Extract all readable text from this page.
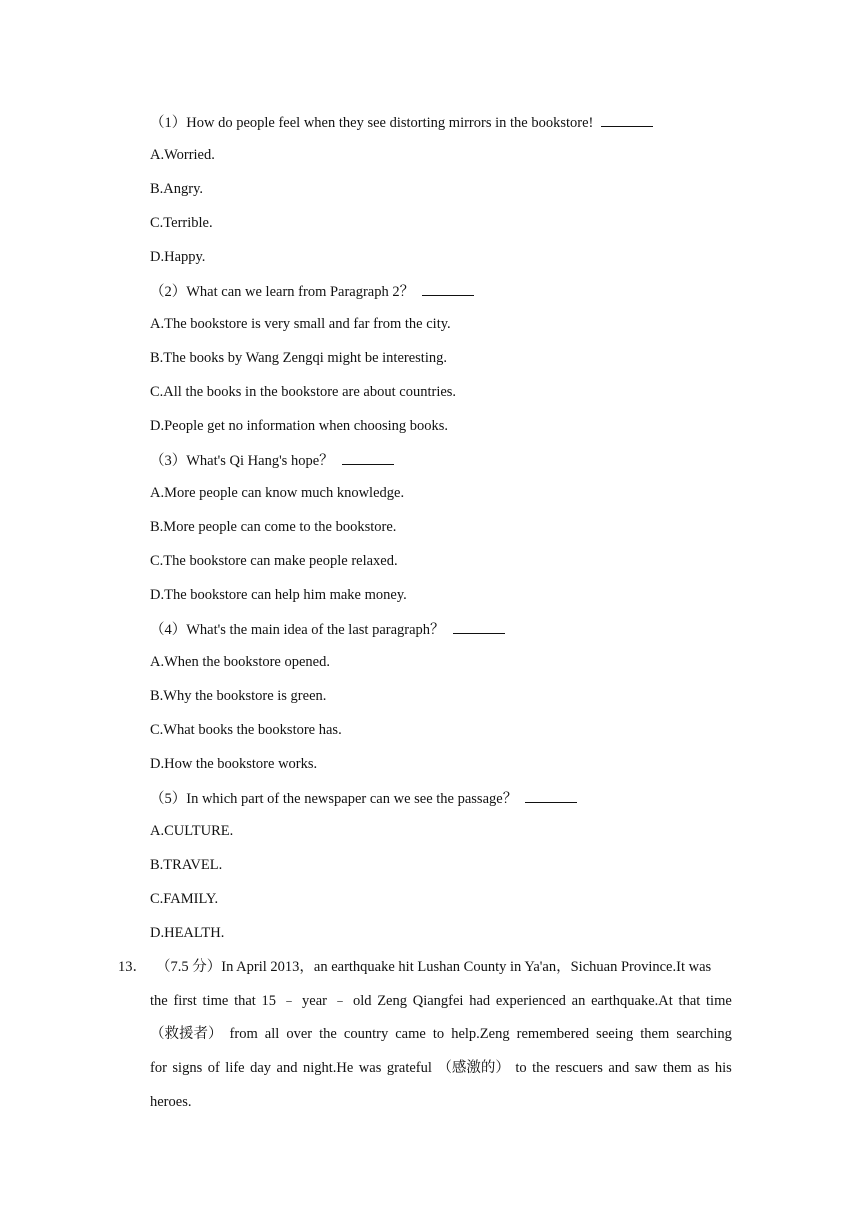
（1）How do people feel when they see distorting mirrors in the bookstore!
A.Worried.
B.Angry.
C.Terrible.
D.Happy.
（2）What can we learn from Paragraph 2？
A.The bookstore is very small and far from the city.
B.The books by Wang Zengqi might be interesting.
C.All the books in the bookstore are about countries.
D.People get no information when choosing books.
（3）What's Qi Hang's hope？
A.More people can know much knowledge.
B.More people can come to the bookstore.
C.The bookstore can make people relaxed.
D.The bookstore can help him make money.
（4）What's the main idea of the last paragraph？
A.When the bookstore opened.
B.Why the bookstore is green.
C.What books the bookstore has.
D.How the bookstore works.
（5）In which part of the newspaper can we see the passage？
A.CULTURE.
B.TRAVEL.
C.FAMILY.
D.HEALTH.
13． （7.5 分）In April 2013，an earthquake hit Lushan County in Ya'an，Sichuan Province.It was
the first time that 15 ﹣ year ﹣ old Zeng Qiangfei had experienced an earthquake.At that time
（救援者） from all over the country came to help.Zeng remembered seeing them searching
for signs of life day and night.He was grateful （感激的） to the rescuers and saw them as his
heroes.
